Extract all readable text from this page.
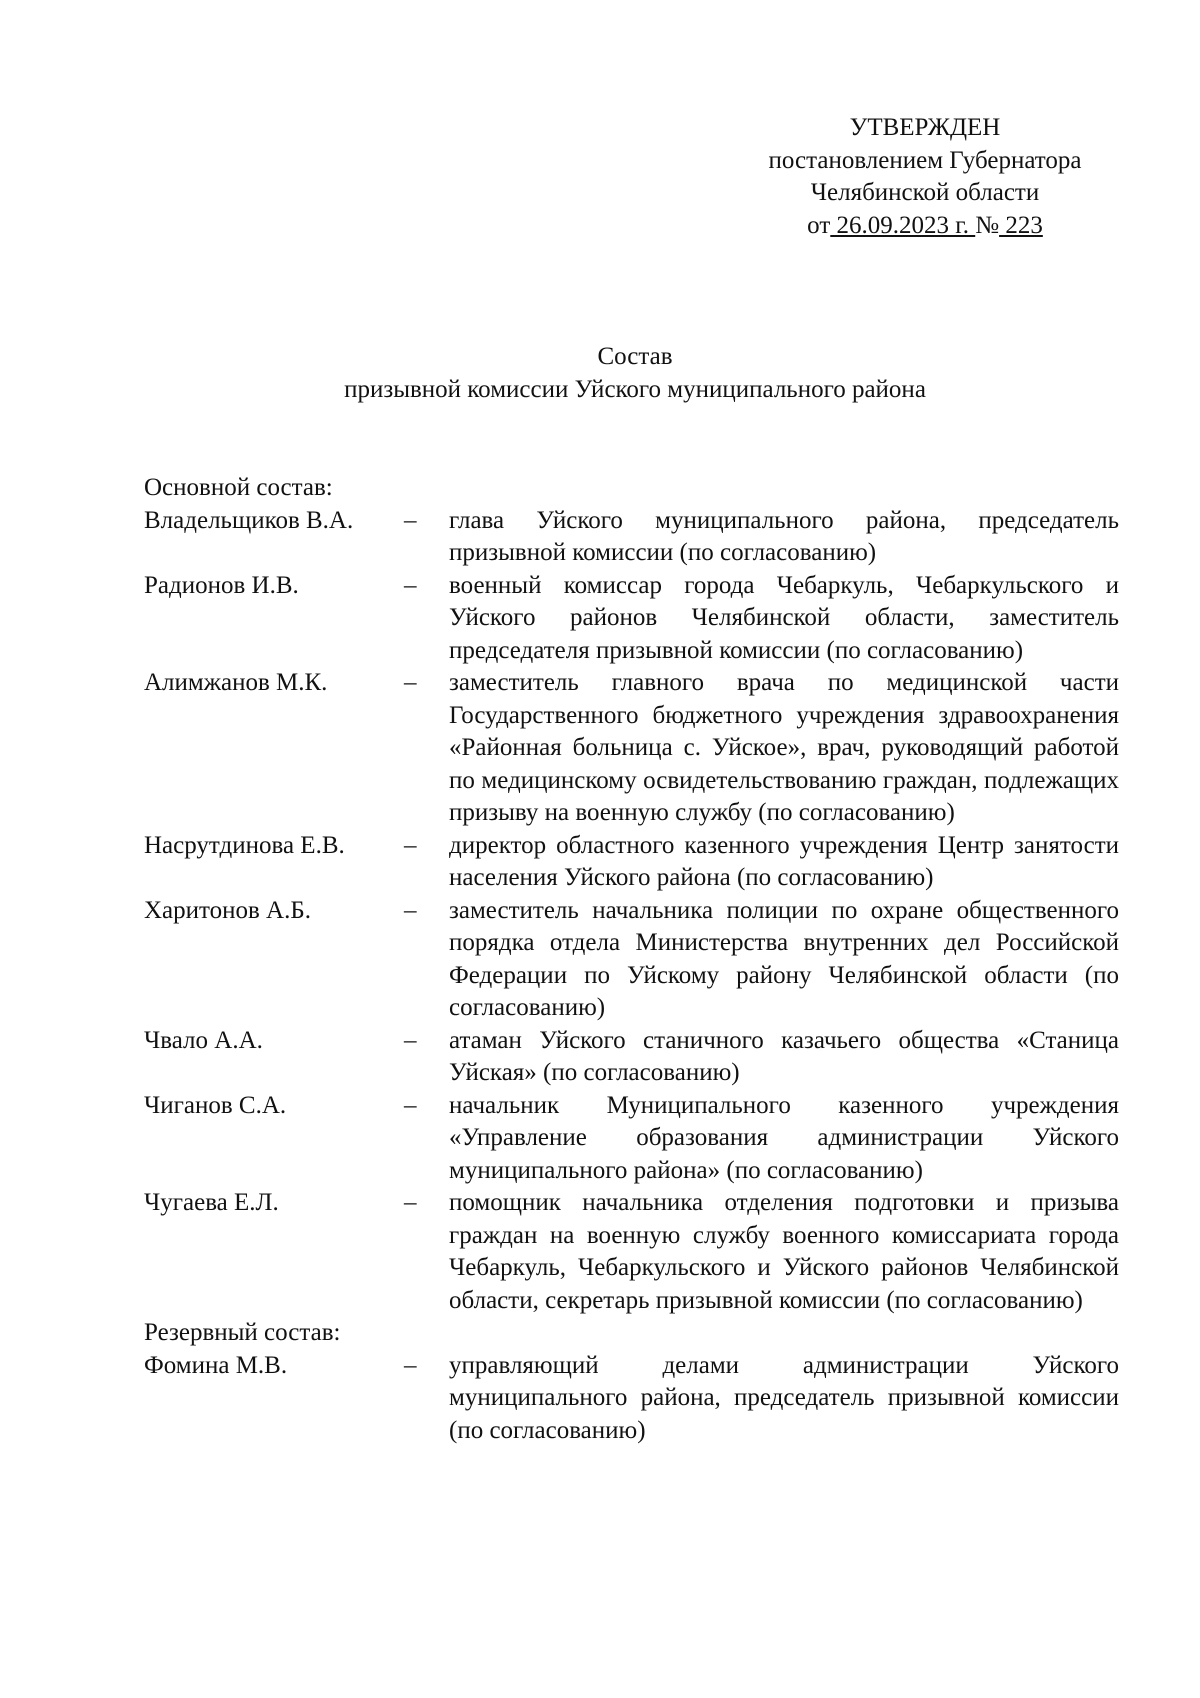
УТВЕРЖДЕН
постановлением Губернатора
Челябинской области
от 26.09.2023 г. № 223
Состав
призывной комиссии Уйского муниципального района
Основной состав:
Владельщиков В.А.	–	глава Уйского муниципального района, председатель призывной комиссии (по согласованию)
Радионов И.В.	–	военный комиссар города Чебаркуль, Чебаркульского и Уйского районов Челябинской области, заместитель председателя призывной комиссии (по согласованию)
Алимжанов М.К.	–	заместитель главного врача по медицинской части Государственного бюджетного учреждения здравоохранения «Районная больница с. Уйское», врач, руководящий работой по медицинскому освидетельствованию граждан, подлежащих призыву на военную службу (по согласованию)
Насрутдинова Е.В.	–	директор областного казенного учреждения Центр занятости населения Уйского района (по согласованию)
Харитонов А.Б.	–	заместитель начальника полиции по охране общественного порядка отдела Министерства внутренних дел Российской Федерации по Уйскому району Челябинской области (по согласованию)
Чвало А.А.	–	атаман Уйского станичного казачьего общества «Станица Уйская» (по согласованию)
Чиганов С.А.	–	начальник Муниципального казенного учреждения «Управление образования администрации Уйского муниципального района» (по согласованию)
Чугаева Е.Л.	–	помощник начальника отделения подготовки и призыва граждан на военную службу военного комиссариата города Чебаркуль, Чебаркульского и Уйского районов Челябинской области, секретарь призывной комиссии (по согласованию)
Резервный состав:
Фомина М.В.	–	управляющий делами администрации Уйского муниципального района, председатель призывной комиссии (по согласованию)
